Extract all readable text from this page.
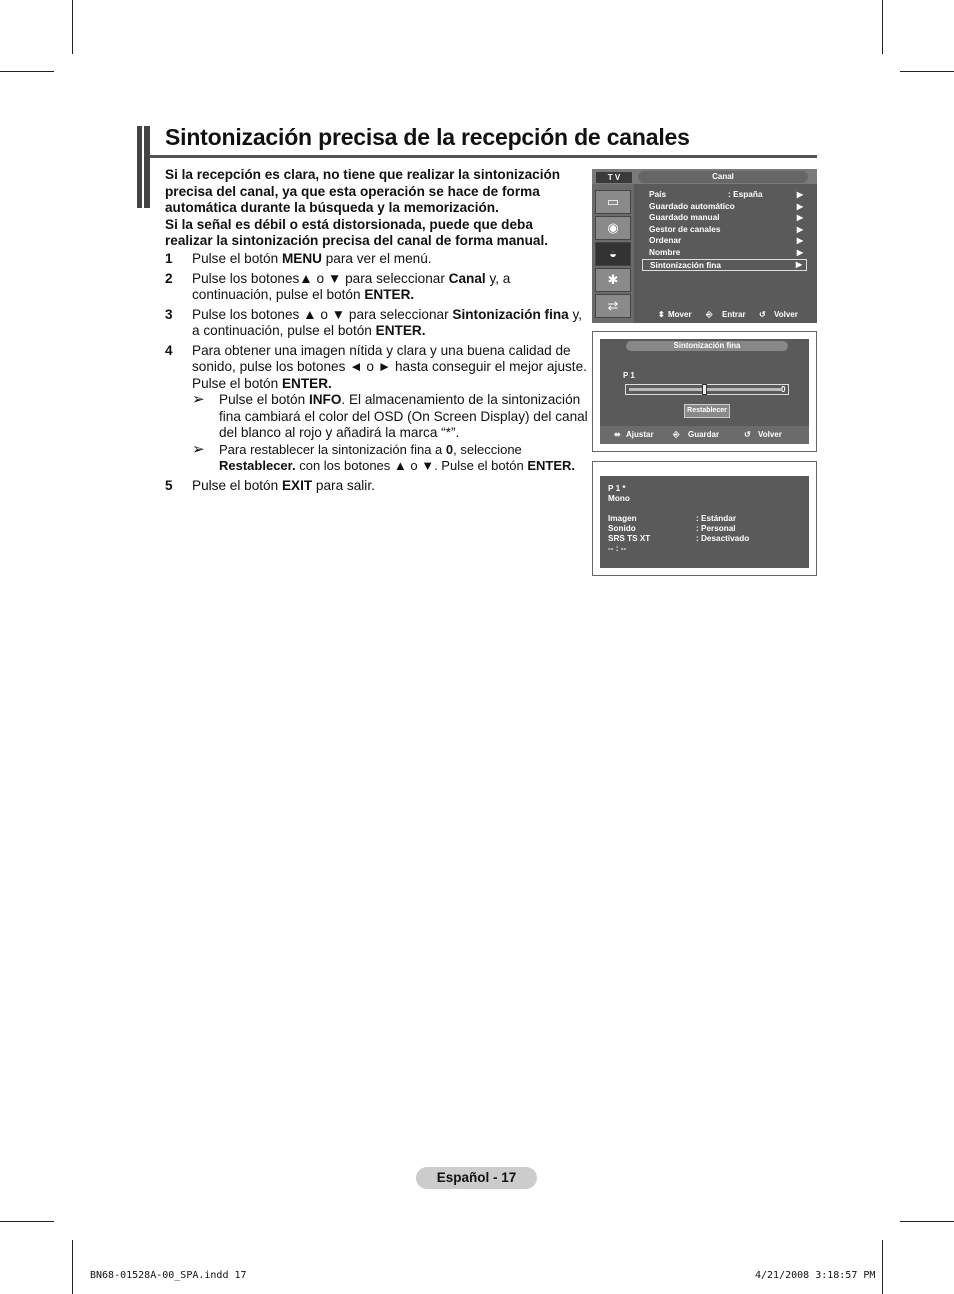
Sintonización precisa de la recepción de canales
Si la recepción es clara, no tiene que realizar la sintonización precisa del canal, ya que esta operación se hace de forma automática durante la búsqueda y la memorización.
Si la señal es débil o está distorsionada, puede que deba realizar la sintonización precisa del canal de forma manual.
1 Pulse el botón MENU para ver el menú.
2 Pulse los botones▲ o ▼ para seleccionar Canal y, a continuación, pulse el botón ENTER.
3 Pulse los botones ▲ o ▼ para seleccionar Sintonización fina y, a continuación, pulse el botón ENTER.
4 Para obtener una imagen nítida y clara y una buena calidad de sonido, pulse los botones ◄ o ► hasta conseguir el mejor ajuste. Pulse el botón ENTER.
➢ Pulse el botón INFO. El almacenamiento de la sintonización fina cambiará el color del OSD (On Screen Display) del canal del blanco al rojo y añadirá la marca “*”.
➢ Para restablecer la sintonización fina a 0, seleccione Restablecer. con los botones ▲ o ▼. Pulse el botón ENTER.
5 Pulse el botón EXIT para salir.
T V	Canal
▭
◉
◒
✱
⇄
País	: España	▶
Guardado automático	▶
Guardado manual	▶
Gestor de canales	▶
Ordenar	▶
Nombre	▶
Sintonización fina	▶
⬍ Mover ⎆ Entrar ↺ Volver
Sintonización fina
P 1
0
Restablecer
⬌ Ajustar ⎆ Guardar	↺ Volver
P 1 *
Mono
Imagen	: Estándar
Sonido	: Personal
SRS TS XT	: Desactivado
-- : --
Español - 17
BN68-01528A-00_SPA.indd 17	4/21/2008 3:18:57 PM
